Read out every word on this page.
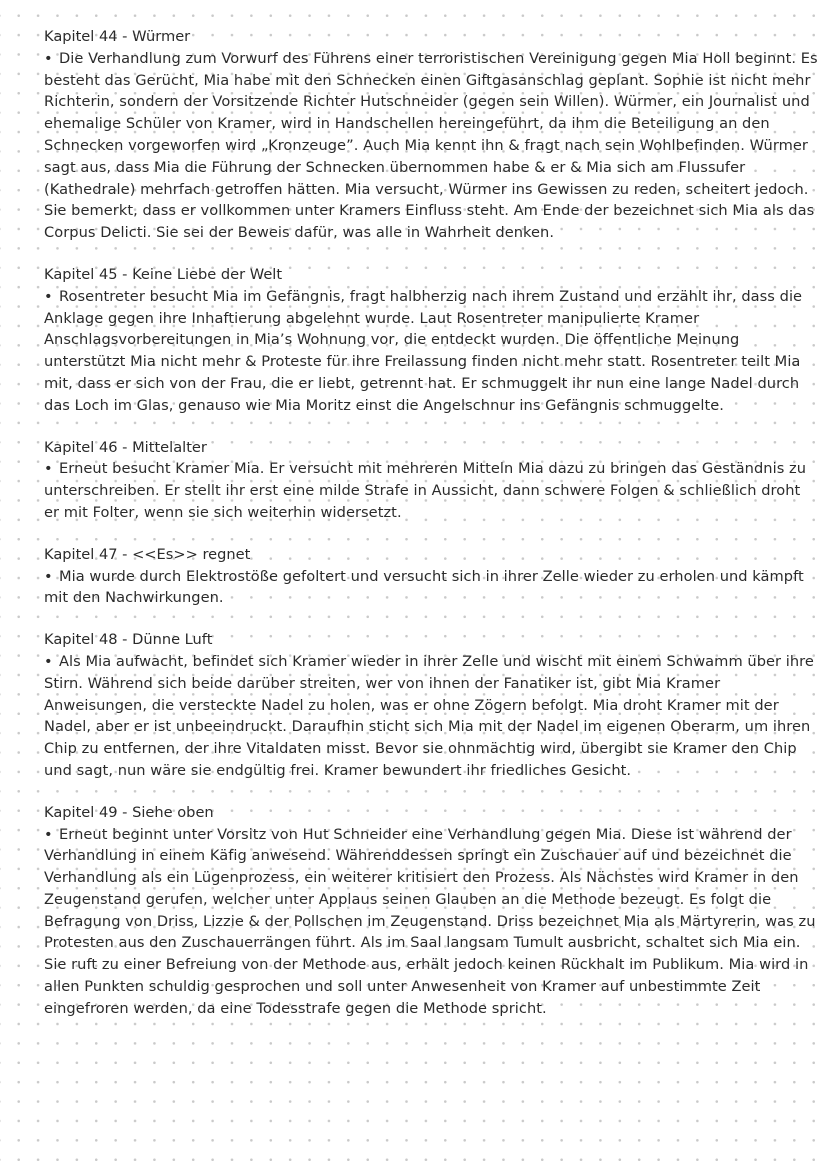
Kapitel 44 - Würmer

• Die Verhandlung zum Vorwurf des Führens einer terroristischen Vereinigung gegen Mia Holl beginnt. Es besteht das Gerücht, Mia habe mit den Schnecken einen Giftgasanschlag geplant. Sophie ist nicht mehr Richterin, sondern der Vorsitzende Richter Hutschneider (gegen sein Willen). Würmer, ein Journalist und ehemalige Schüler von Kramer, wird in Handschellen hereingeführt, da ihm die Beteiligung an den Schnecken vorgeworfen wird „Kronzeuge”. Auch Mia kennt ihn & fragt nach sein Wohlbefinden. Würmer sagt aus, dass Mia die Führung der Schnecken übernommen habe & er & Mia sich am Flussufer (Kathedrale) mehrfach getroffen hätten. Mia versucht, Würmer ins Gewissen zu reden, scheitert jedoch. Sie bemerkt, dass er vollkommen unter Kramers Einfluss steht. Am Ende der bezeichnet sich Mia als das Corpus Delicti. Sie sei der Beweis dafür, was alle in Wahrheit denken.

Kapitel 45 - Keine Liebe der Welt

• Rosentreter besucht Mia im Gefängnis, fragt halbherzig nach ihrem Zustand und erzählt ihr, dass die Anklage gegen ihre Inhaftierung abgelehnt wurde. Laut Rosentreter manipulierte Kramer Anschlagsvorbereitungen in Mia’s Wohnung vor, die entdeckt wurden. Die öffentliche Meinung unterstützt Mia nicht mehr & Proteste für ihre Freilassung finden nicht mehr statt. Rosentreter teilt Mia mit, dass er sich von der Frau, die er liebt, getrennt hat. Er schmuggelt ihr nun eine lange Nadel durch das Loch im Glas, genauso wie Mia Moritz einst die Angelschnur ins Gefängnis schmuggelte.

Kapitel 46 - Mittelalter

• Erneut besucht Kramer Mia. Er versucht mit mehreren Mitteln Mia dazu zu bringen das Geständnis zu unterschreiben. Er stellt ihr erst eine milde Strafe in Aussicht, dann schwere Folgen & schließlich droht er mit Folter, wenn sie sich weiterhin widersetzt.

Kapitel 47 - <<Es>> regnet

• Mia wurde durch Elektrostöße gefoltert und versucht sich in ihrer Zelle wieder zu erholen und kämpft mit den Nachwirkungen.

Kapitel 48 - Dünne Luft

• Als Mia aufwacht, befindet sich Kramer wieder in ihrer Zelle und wischt mit einem Schwamm über ihre Stirn. Während sich beide darüber streiten, wer von ihnen der Fanatiker ist, gibt Mia Kramer Anweisungen, die versteckte Nadel zu holen, was er ohne Zögern befolgt. Mia droht Kramer mit der Nadel, aber er ist unbeeindruckt. Daraufhin sticht sich Mia mit der Nadel im eigenen Oberarm, um ihren Chip zu entfernen, der ihre Vitaldaten misst. Bevor sie ohnmächtig wird, übergibt sie Kramer den Chip und sagt, nun wäre sie endgültig frei. Kramer bewundert ihr friedliches Gesicht.

Kapitel 49 - Siehe oben

• Erneut beginnt unter Vorsitz von Hut Schneider eine Verhandlung gegen Mia. Diese ist während der Verhandlung in einem Käfig anwesend. Währenddessen springt ein Zuschauer auf und bezeichnet die Verhandlung als ein Lügenprozess, ein weiterer kritisiert den Prozess. Als Nächstes wird Kramer in den Zeugenstand gerufen, welcher unter Applaus seinen Glauben an die Methode bezeugt. Es folgt die Befragung von Driss, Lizzie & der Pollschen im Zeugenstand. Driss bezeichnet Mia als Märtyrerin, was zu Protesten aus den Zuschauerrängen führt. Als im Saal langsam Tumult ausbricht, schaltet sich Mia ein. Sie ruft zu einer Befreiung von der Methode aus, erhält jedoch keinen Rückhalt im Publikum. Mia wird in allen Punkten schuldig gesprochen und soll unter Anwesenheit von Kramer auf unbestimmte Zeit eingefroren werden, da eine Todesstrafe gegen die Methode spricht.
